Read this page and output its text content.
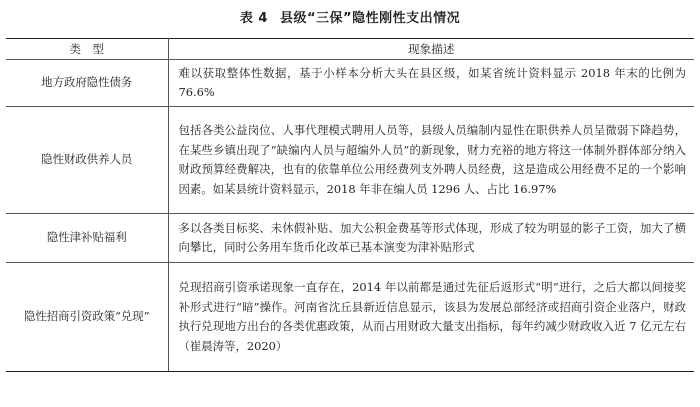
表 4 县级“三保”隐性刚性支出情况
类　型	现象描述
地方政府隐性债务	难以获取整体性数据，基于小样本分析大头在县区级，如某省统计资料显示 2018 年末的比例为 76.6%
隐性财政供养人员	包括各类公益岗位、人事代理模式聘用人员等，县级人员编制内显性在职供养人员呈微弱下降趋势，在某些乡镇出现了“缺编内人员与超编外人员”的新现象，财力充裕的地方将这一体制外群体部分纳入财政预算经费解决，也有的依靠单位公用经费列支外聘人员经费，这是造成公用经费不足的一个影响因素。如某县统计资料显示，2018 年非在编人员 1296 人、占比 16.97%
隐性津补贴福利	多以各类目标奖、未休假补贴、加大公积金费基等形式体现，形成了较为明显的影子工资，加大了横向攀比，同时公务用车货币化改革已基本演变为津补贴形式
隐性招商引资政策“兑现”	兑现招商引资承诺现象一直存在，2014 年以前都是通过先征后返形式“明”进行，之后大都以间接奖补形式进行“暗”操作。河南省沈丘县新近信息显示，该县为发展总部经济或招商引资企业落户，财政执行兑现地方出台的各类优惠政策，从而占用财政大量支出指标，每年约减少财政收入近 7 亿元左右（崔晨涛等，2020）
